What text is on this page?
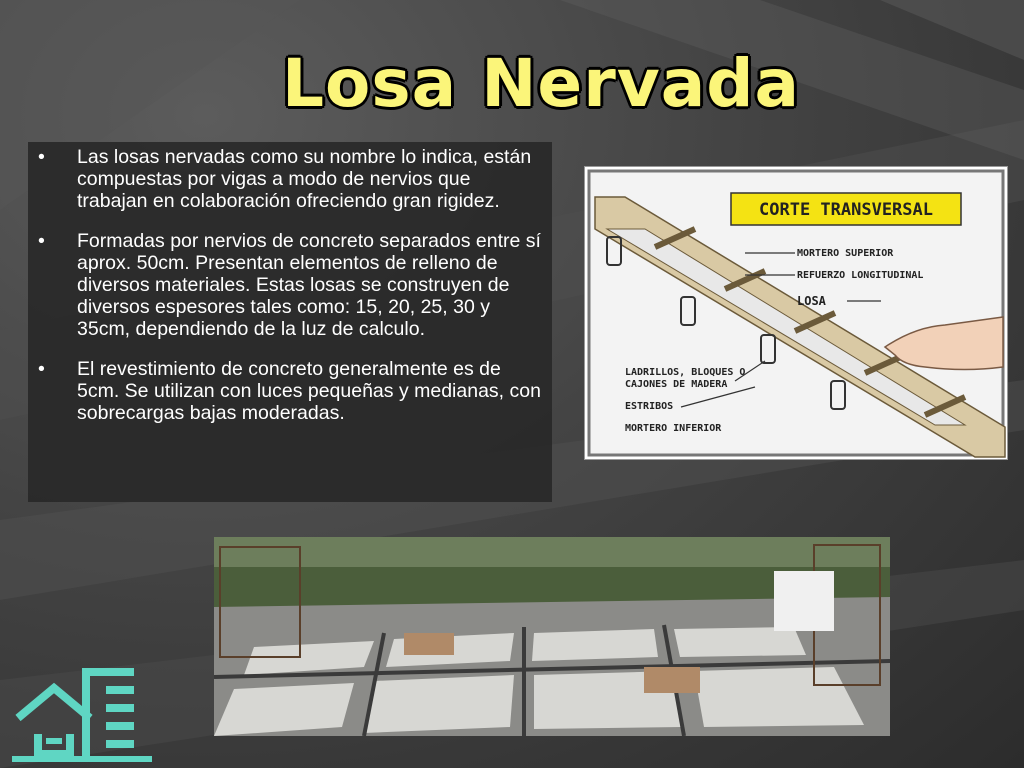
Losa Nervada
• Las losas nervadas como su nombre lo indica, están compuestas por vigas a modo de nervios que trabajan en colaboración ofreciendo gran rigidez.
• Formadas por nervios de concreto separados entre sí aprox. 50cm. Presentan elementos de relleno de diversos materiales. Estas losas se construyen de diversos espesores tales como: 15, 20, 25, 30 y 35cm, dependiendo de la luz de calculo.
• El revestimiento de concreto generalmente es de 5cm. Se utilizan con luces pequeñas y medianas, con sobrecargas bajas moderadas.
CORTE TRANSVERSAL
MORTERO SUPERIOR
REFUERZO LONGITUDINAL
LOSA
LADRILLOS, BLOQUES O
CAJONES DE MADERA
ESTRIBOS
MORTERO INFERIOR
